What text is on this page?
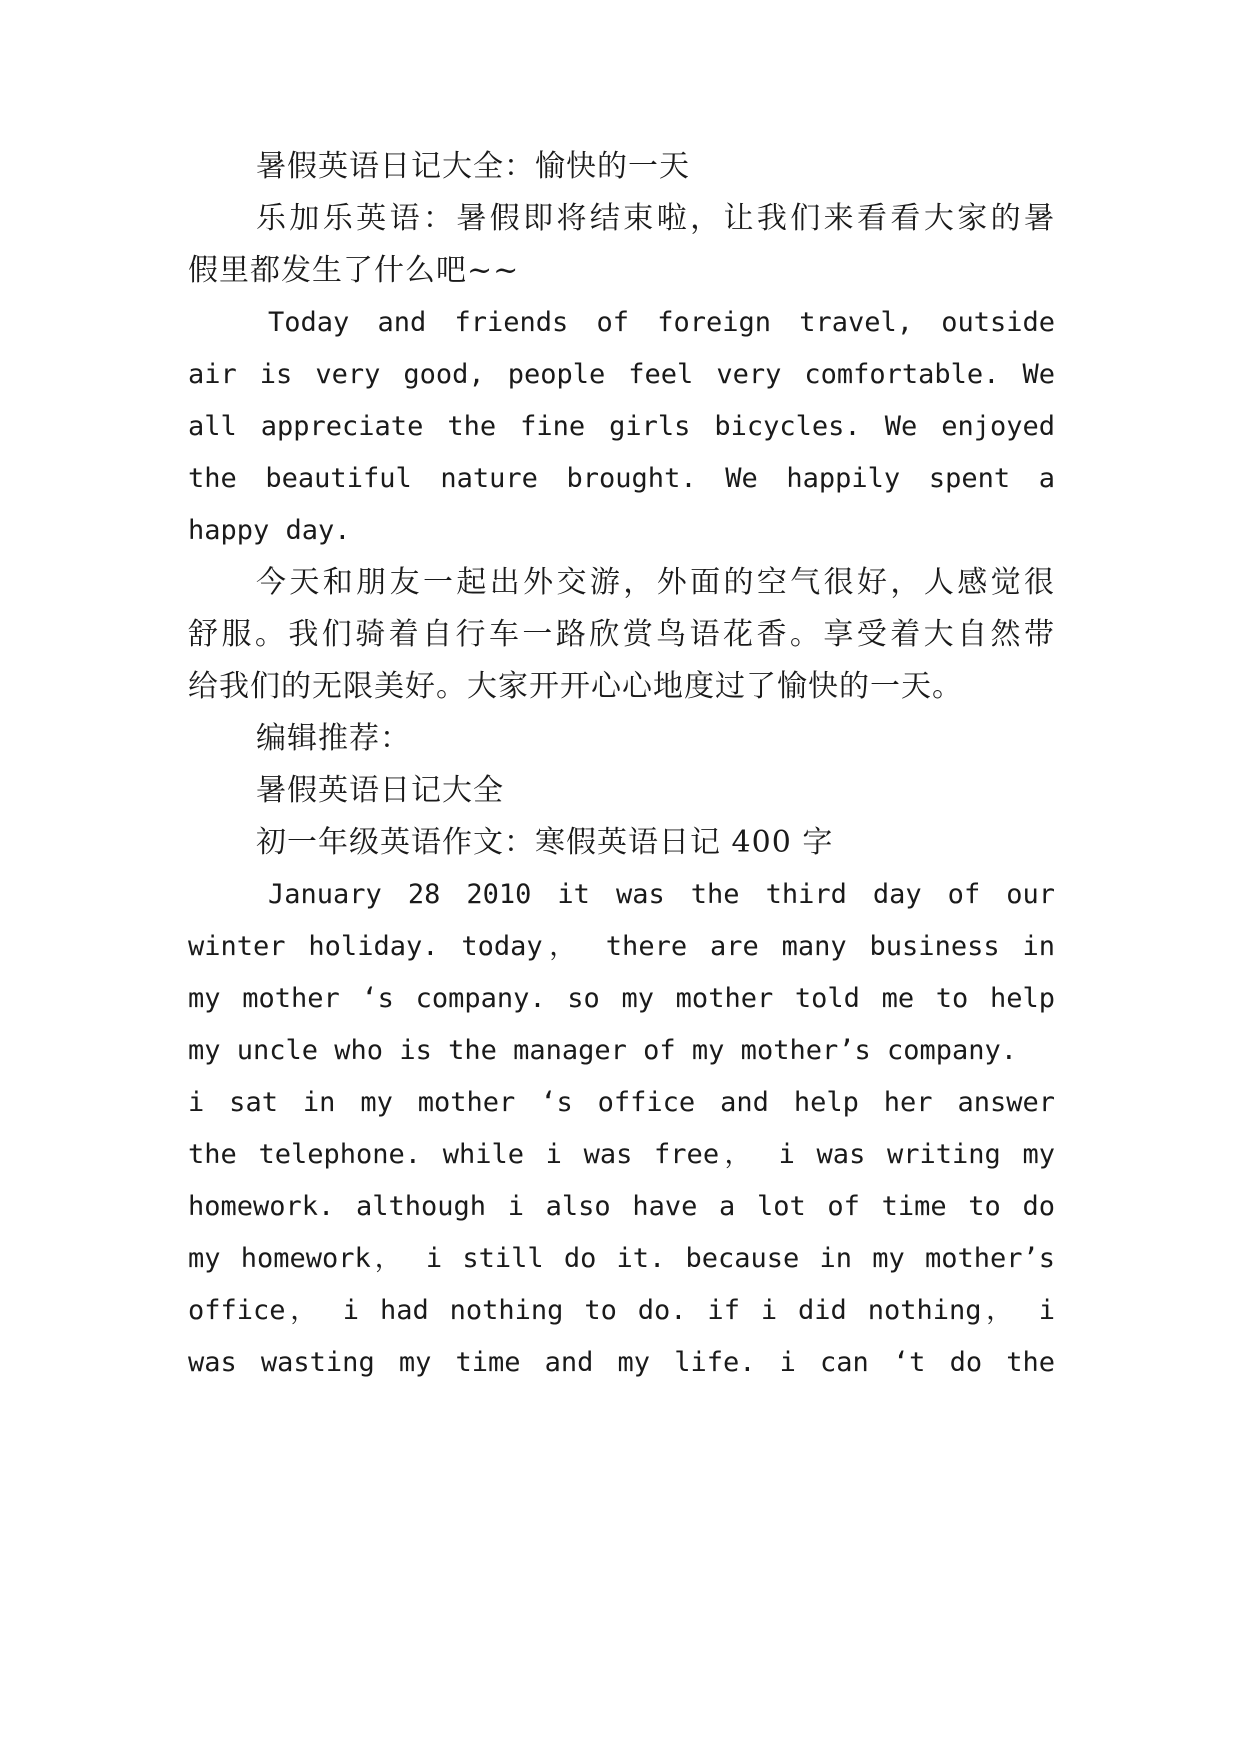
暑假英语日记大全：愉快的一天
乐加乐英语：暑假即将结束啦，让我们来看看大家的暑
假里都发生了什么吧~~
Today and friends of foreign travel, outside
air is very good, people feel very comfortable. We
all appreciate the fine girls bicycles. We enjoyed
the beautiful nature brought. We happily spent a
happy day.
今天和朋友一起出外交游，外面的空气很好，人感觉很
舒服。我们骑着自行车一路欣赏鸟语花香。享受着大自然带
给我们的无限美好。大家开开心心地度过了愉快的一天。
编辑推荐：
暑假英语日记大全
初一年级英语作文：寒假英语日记 400 字
January 28 2010 it was the third day of our
winter holiday. today， there are many business in
my mother ‘s company. so my mother told me to help
my uncle who is the manager of my mother’s company.
i sat in my mother ‘s office and help her answer
the telephone. while i was free， i was writing my
homework. although i also have a lot of time to do
my homework， i still do it. because in my mother’s
office， i had nothing to do. if i did nothing， i
was wasting my time and my life. i can ‘t do the
